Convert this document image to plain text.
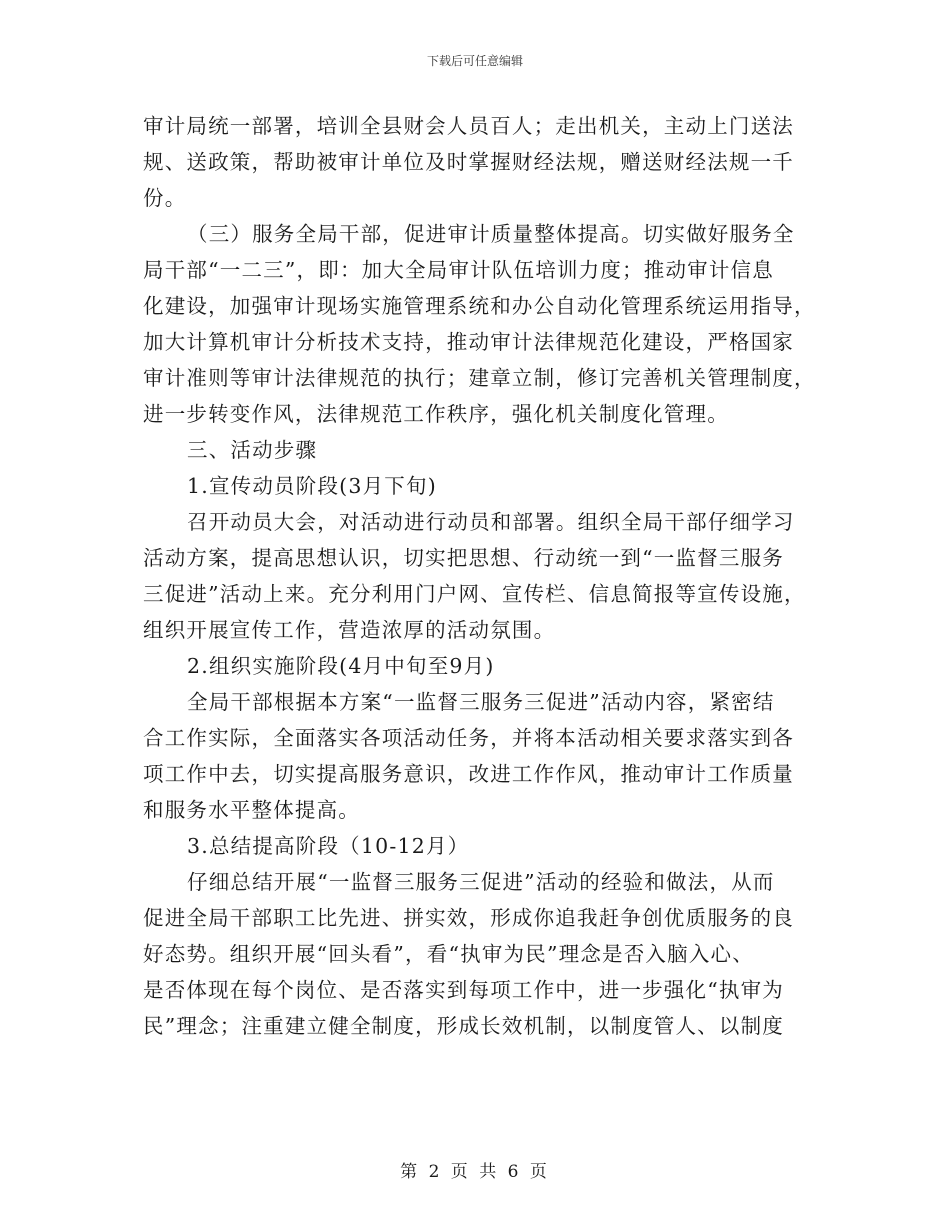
下载后可任意编辑
审计局统一部署，培训全县财会人员百人；走出机关，主动上门送法
规、送政策，帮助被审计单位及时掌握财经法规，赠送财经法规一千
份。
（三）服务全局干部，促进审计质量整体提高。切实做好服务全
局干部“一二三”，即：加大全局审计队伍培训力度；推动审计信息
化建设，加强审计现场实施管理系统和办公自动化管理系统运用指导，
加大计算机审计分析技术支持，推动审计法律规范化建设，严格国家
审计准则等审计法律规范的执行；建章立制，修订完善机关管理制度，
进一步转变作风，法律规范工作秩序，强化机关制度化管理。
三、活动步骤
1.宣传动员阶段(3月下旬)
召开动员大会，对活动进行动员和部署。组织全局干部仔细学习
活动方案，提高思想认识，切实把思想、行动统一到“一监督三服务
三促进”活动上来。充分利用门户网、宣传栏、信息简报等宣传设施，
组织开展宣传工作，营造浓厚的活动氛围。
2.组织实施阶段(4月中旬至9月)
全局干部根据本方案“一监督三服务三促进”活动内容，紧密结
合工作实际，全面落实各项活动任务，并将本活动相关要求落实到各
项工作中去，切实提高服务意识，改进工作作风，推动审计工作质量
和服务水平整体提高。
3.总结提高阶段（10-12月）
仔细总结开展“一监督三服务三促进”活动的经验和做法，从而
促进全局干部职工比先进、拼实效，形成你追我赶争创优质服务的良
好态势。组织开展“回头看”，看“执审为民”理念是否入脑入心、
是否体现在每个岗位、是否落实到每项工作中，进一步强化“执审为
民”理念；注重建立健全制度，形成长效机制，以制度管人、以制度
第 2 页 共 6 页
